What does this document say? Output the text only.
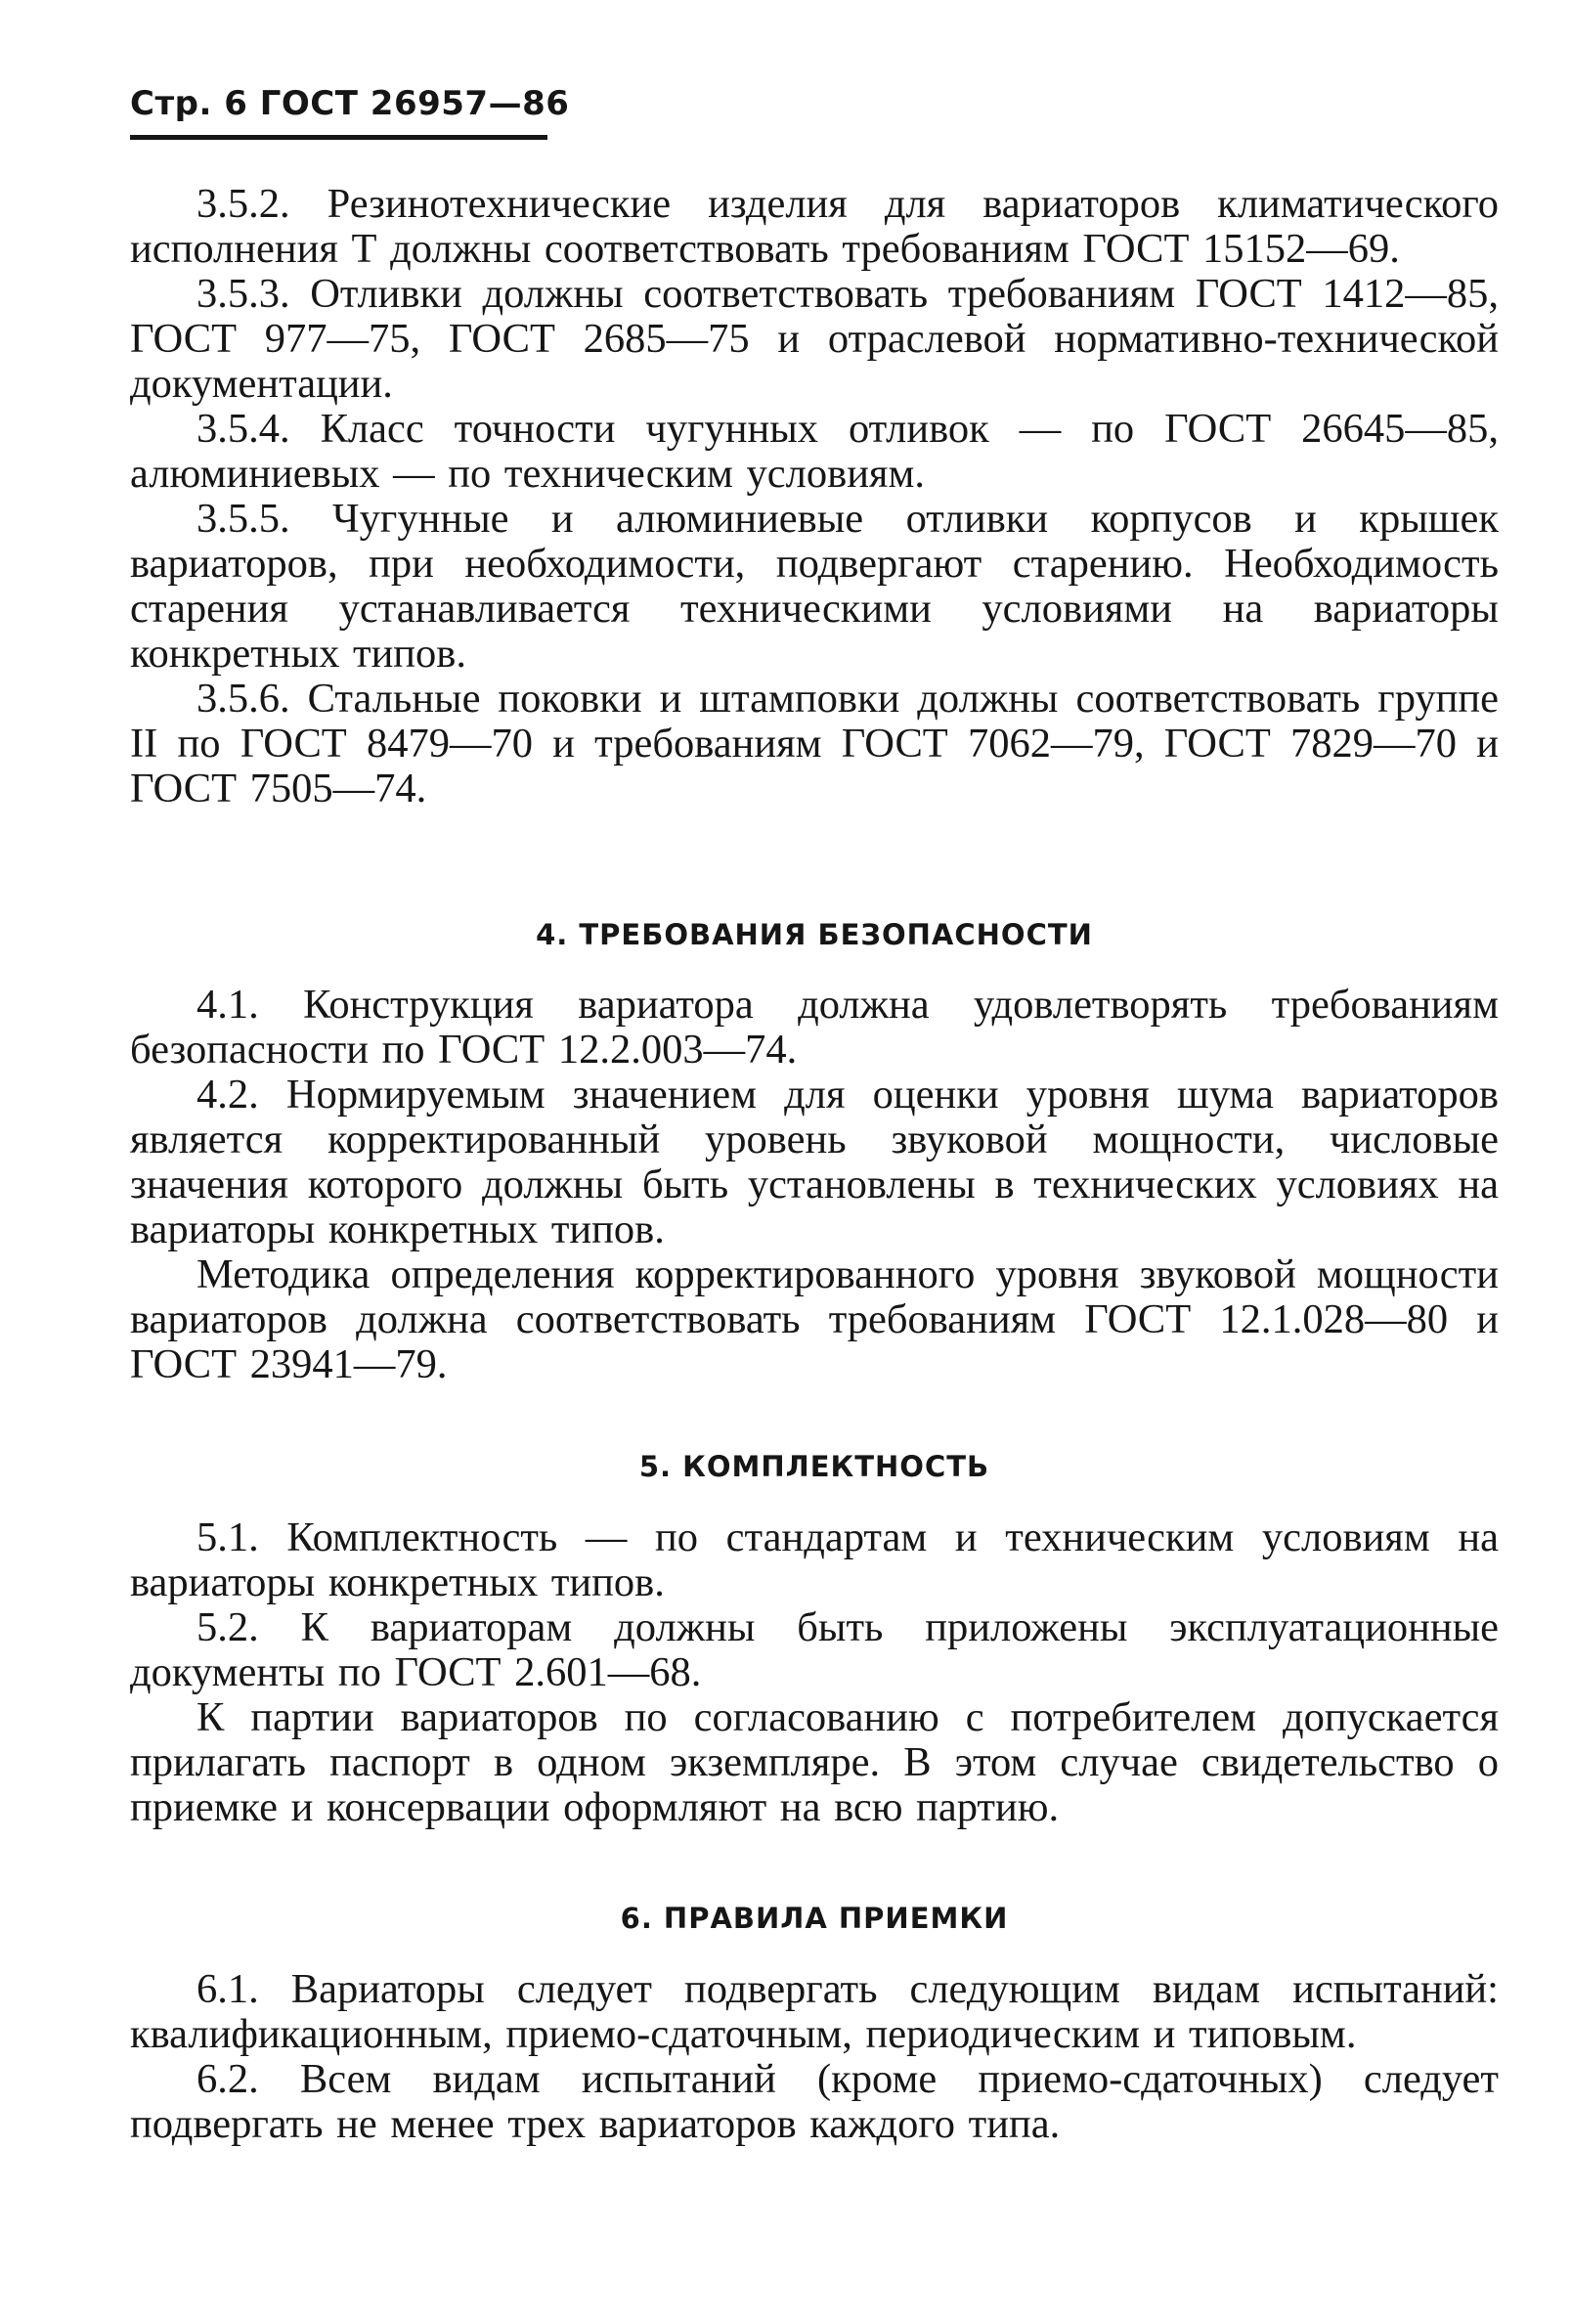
Стр. 6 ГОСТ 26957—86

3.5.2. Резинотехнические изделия для вариаторов климатического исполнения Т должны соответствовать требованиям ГОСТ 15152—69.

3.5.3. Отливки должны соответствовать требованиям ГОСТ 1412—85, ГОСТ 977—75, ГОСТ 2685—75 и отраслевой нормативно-технической документации.

3.5.4. Класс точности чугунных отливок — по ГОСТ 26645—85, алюминиевых — по техническим условиям.

3.5.5. Чугунные и алюминиевые отливки корпусов и крышек вариаторов, при необходимости, подвергают старению. Необходимость старения устанавливается техническими условиями на вариаторы конкретных типов.

3.5.6. Стальные поковки и штамповки должны соответствовать группе II по ГОСТ 8479—70 и требованиям ГОСТ 7062—79, ГОСТ 7829—70 и ГОСТ 7505—74.

4. ТРЕБОВАНИЯ БЕЗОПАСНОСТИ

4.1. Конструкция вариатора должна удовлетворять требованиям безопасности по ГОСТ 12.2.003—74.

4.2. Нормируемым значением для оценки уровня шума вариаторов является корректированный уровень звуковой мощности, числовые значения которого должны быть установлены в технических условиях на вариаторы конкретных типов.

Методика определения корректированного уровня звуковой мощности вариаторов должна соответствовать требованиям ГОСТ 12.1.028—80 и ГОСТ 23941—79.

5. КОМПЛЕКТНОСТЬ

5.1. Комплектность — по стандартам и техническим условиям на вариаторы конкретных типов.

5.2. К вариаторам должны быть приложены эксплуатационные документы по ГОСТ 2.601—68.

К партии вариаторов по согласованию с потребителем допускается прилагать паспорт в одном экземпляре. В этом случае свидетельство о приемке и консервации оформляют на всю партию.

6. ПРАВИЛА ПРИЕМКИ

6.1. Вариаторы следует подвергать следующим видам испытаний: квалификационным, приемо-сдаточным, периодическим и типовым.

6.2. Всем видам испытаний (кроме приемо-сдаточных) следует подвергать не менее трех вариаторов каждого типа.
